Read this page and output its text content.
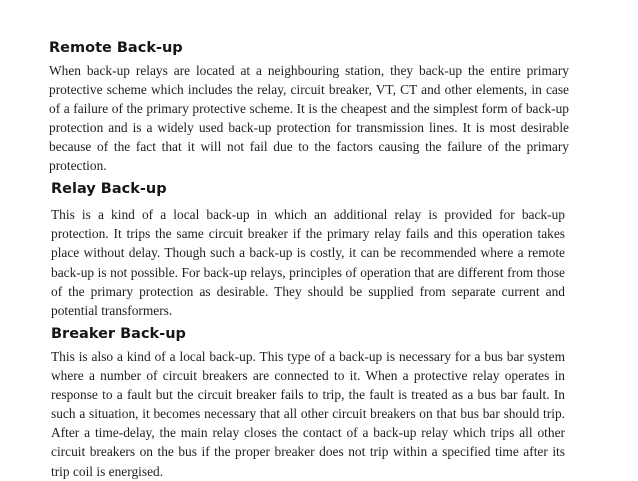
Remote Back-up

When back-up relays are located at a neighbouring station, they back-up the entire primary protective scheme which includes the relay, circuit breaker, VT, CT and other elements, in case of a failure of the primary protective scheme. It is the cheapest and the simplest form of back-up protection and is a widely used back-up protection for transmission lines. It is most desirable because of the fact that it will not fail due to the factors causing the failure of the primary protection.

Relay Back-up

This is a kind of a local back-up in which an additional relay is provided for back-up protection. It trips the same circuit breaker if the primary relay fails and this operation takes place without delay. Though such a back-up is costly, it can be recommended where a remote back-up is not possible. For back-up relays, principles of operation that are different from those of the primary protection as desirable. They should be supplied from separate current and potential transformers.

Breaker Back-up

This is also a kind of a local back-up. This type of a back-up is necessary for a bus bar system where a number of circuit breakers are connected to it. When a protective relay operates in response to a fault but the circuit breaker fails to trip, the fault is treated as a bus bar fault. In such a situation, it becomes necessary that all other circuit breakers on that bus bar should trip. After a time-delay, the main relay closes the contact of a back-up relay which trips all other circuit breakers on the bus if the proper breaker does not trip within a specified time after its trip coil is energised.
